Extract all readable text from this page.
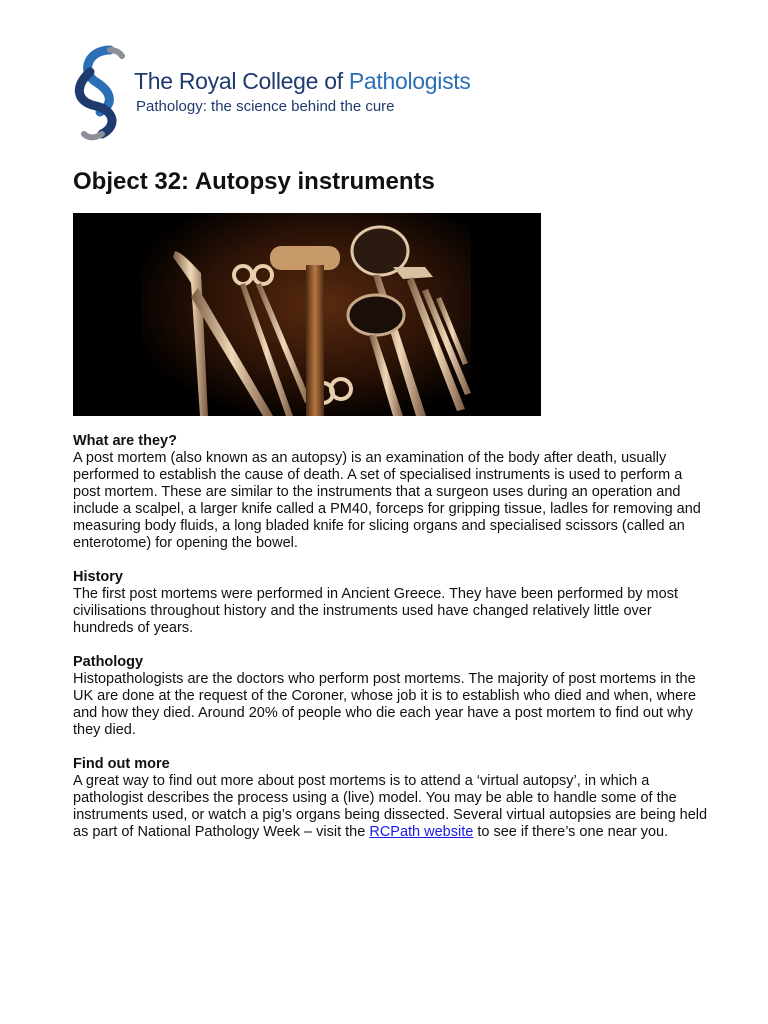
The Royal College of Pathologists
Pathology: the science behind the cure
Object 32: Autopsy instruments
What are they?

A post mortem (also known as an autopsy) is an examination of the body after death, usually performed to establish the cause of death. A set of specialised instruments is used to perform a post mortem. These are similar to the instruments that a surgeon uses during an operation and include a scalpel, a larger knife called a PM40, forceps for gripping tissue, ladles for removing and measuring body fluids, a long bladed knife for slicing organs and specialised scissors (called an enterotome) for opening the bowel.

History

The first post mortems were performed in Ancient Greece. They have been performed by most civilisations throughout history and the instruments used have changed relatively little over hundreds of years.

Pathology

Histopathologists are the doctors who perform post mortems. The majority of post mortems in the UK are done at the request of the Coroner, whose job it is to establish who died and when, where and how they died. Around 20% of people who die each year have a post mortem to find out why they died.

Find out more

A great way to find out more about post mortems is to attend a ‘virtual autopsy’, in which a pathologist describes the process using a (live) model. You may be able to handle some of the instruments used, or watch a pig’s organs being dissected. Several virtual autopsies are being held as part of National Pathology Week – visit the RCPath website to see if there’s one near you.
